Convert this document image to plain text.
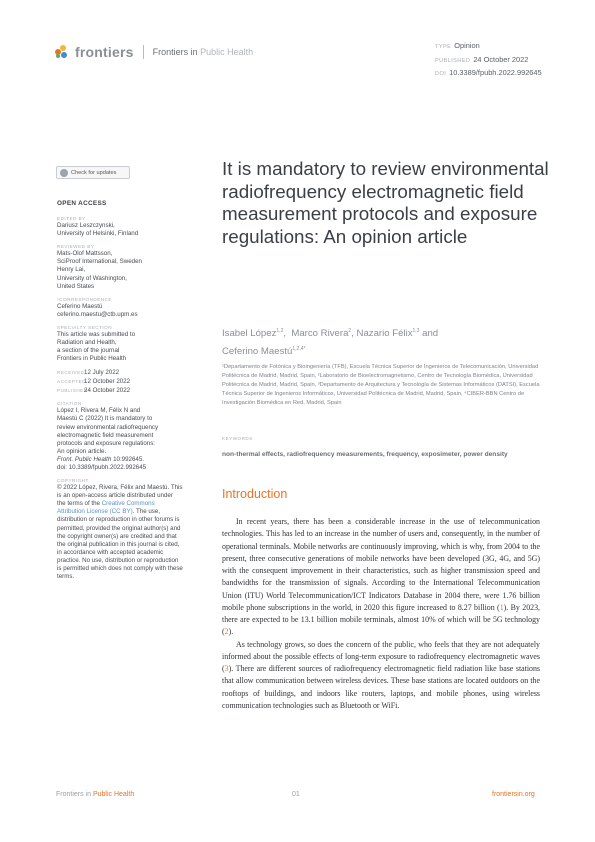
frontiers Frontiers in Public Health	TYPE Opinion
PUBLISHED 24 October 2022
DOI 10.3389/fpubh.2022.992645
Check for updates
OPEN ACCESS
EDITED BY
Dariusz Leszczynski,
University of Helsinki, Finland
REVIEWED BY
Mats-Olof Mattsson,
SciProof International, Sweden
Henry Lai,
University of Washington,
United States
*CORRESPONDENCE
Ceferino Maestú
ceferino.maestu@ctb.upm.es
SPECIALTY SECTION
This article was submitted to
Radiation and Health,
a section of the journal
Frontiers in Public Health
RECEIVED12 July 2022
ACCEPTED12 October 2022
PUBLISHED24 October 2022
CITATION
López I, Rivera M, Félix N and
Maestú C (2022) It is mandatory to
review environmental radiofrequency
electromagnetic field measurement
protocols and exposure regulations:
An opinion article.
Front. Public Health 10:992645.
doi: 10.3389/fpubh.2022.992645
COPYRIGHT
© 2022 López, Rivera, Félix and Maestú. This is an open-access article distributed under the terms of the Creative Commons Attribution License (CC BY). The use, distribution or reproduction in other forums is permitted, provided the original author(s) and the copyright owner(s) are credited and that the original publication in this journal is cited, in accordance with accepted academic practice. No use, distribution or reproduction is permitted which does not comply with these terms.
It is mandatory to review environmental radiofrequency electromagnetic field measurement protocols and exposure regulations: An opinion article
Isabel López$^{1,2}$,  Marco Rivera$^2$, Nazario Félix$^{1,3}$ and
Ceferino Maestú$^{1,2,4*}$
¹Departamento de Fotónica y Bioingeniería (TFB), Escuela Técnica Superior de Ingenieros de Telecomunicación, Universidad Politécnica de Madrid, Madrid, Spain, ²Laboratorio de Bioelectromagnetismo, Centro de Tecnología Biomédica, Universidad Politécnica de Madrid, Madrid, Spain, ³Departamento de Arquitectura y Tecnología de Sistemas Informáticos (DATSI), Escuela Técnica Superior de Ingenieros Informáticos, Universidad Politécnica de Madrid, Madrid, Spain, ⁴CIBER-BBN Centro de Investigación Biomédica en Red, Madrid, Spain
KEYWORDS
non-thermal effects, radiofrequency measurements, frequency, exposimeter, power density
Introduction

In recent years, there has been a considerable increase in the use of telecommunication technologies. This has led to an increase in the number of users and, consequently, in the number of operational terminals. Mobile networks are continuously improving, which is why, from 2004 to the present, three consecutive generations of mobile networks have been developed (3G, 4G, and 5G) with the consequent improvement in their characteristics, such as higher transmission speed and bandwidths for the transmission of signals. According to the International Telecommunication Union (ITU) World Telecommunication/ICT Indicators Database in 2004 there, were 1.76 billion mobile phone subscriptions in the world, in 2020 this figure increased to 8.27 billion (1). By 2023, there are expected to be 13.1 billion mobile terminals, almost 10% of which will be 5G technology (2).

As technology grows, so does the concern of the public, who feels that they are not adequately informed about the possible effects of long-term exposure to radiofrequency electromagnetic waves (3). There are different sources of radiofrequency electromagnetic field radiation like base stations that allow communication between wireless devices. These base stations are located outdoors on the rooftops of buildings, and indoors like routers, laptops, and mobile phones, using wireless communication technologies such as Bluetooth or WiFi.

Frontiers in Public Health	01	frontiersin.org
